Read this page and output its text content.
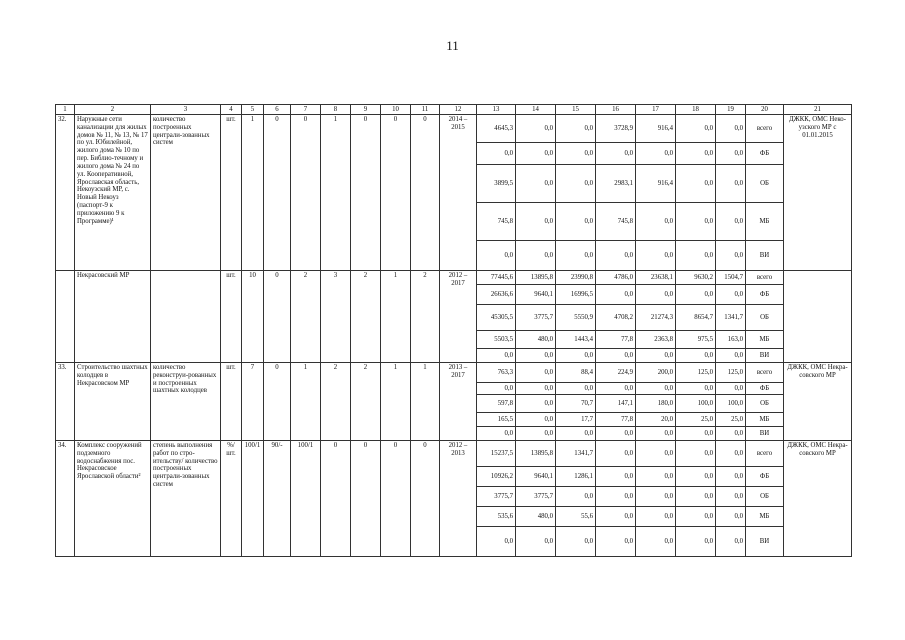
11
1	2	3	4	5	6	7	8	9	10	11	12	13	14	15	16	17	18	19	20	21
32.	Наружные сети канализации для жилых домов № 11, № 13, № 17 по ул. Юбилейной, жилого дома № 10 по пер. Библио-течному и жилого дома № 24 по ул. Кооперативной, Ярославская область, Некоузский МР, с. Новый Некоуз (паспорт-9 к приложению 9 к Программе)¹	количество построенных централи-зованных систем	шт.	1	0	0	1	0	0	0	2014 – 2015	4645,3	0,0	0,0	3728,9	916,4	0,0	0,0	всего	ДЖКК, ОМС Неко-узского МР с 01.01.2015
												0,0	0,0	0,0	0,0	0,0	0,0	0,0	ФБ	
												3899,5	0,0	0,0	2983,1	916,4	0,0	0,0	ОБ	
												745,8	0,0	0,0	745,8	0,0	0,0	0,0	МБ	
												0,0	0,0	0,0	0,0	0,0	0,0	0,0	ВИ	
	Некрасовский МР		шт.	10	0	2	3	2	1	2	2012 – 2017	77445,6	13895,8	23990,8	4786,0	23638,1	9630,2	1504,7	всего	
												26636,6	9640,1	16996,5	0,0	0,0	0,0	0,0	ФБ	
												45305,5	3775,7	5550,9	4708,2	21274,3	8654,7	1341,7	ОБ	
												5503,5	480,0	1443,4	77,8	2363,8	975,5	163,0	МБ	
												0,0	0,0	0,0	0,0	0,0	0,0	0,0	ВИ	
33.	Строительство шахтных колодцев в Некрасовском МР	количество реконструи-рованных и построенных шахтных колодцев	шт.	7	0	1	2	2	1	1	2013 – 2017	763,3	0,0	88,4	224,9	200,0	125,0	125,0	всего	ДЖКК, ОМС Некра-совского МР
												0,0	0,0	0,0	0,0	0,0	0,0	0,0	ФБ	
												597,8	0,0	70,7	147,1	180,0	100,0	100,0	ОБ	
												165,5	0,0	17,7	77,8	20,0	25,0	25,0	МБ	
												0,0	0,0	0,0	0,0	0,0	0,0	0,0	ВИ	
34.	Комплекс сооружений подземного водоснабжения пос. Некрасовское Ярославской области²	степень выполнения работ по стро-ительству/ количество построенных централи-зованных систем	%/ шт.	100/1	90/-	100/1	0	0	0	0	2012 – 2013	15237,5	13895,8	1341,7	0,0	0,0	0,0	0,0	всего	ДЖКК, ОМС Некра-совского МР
												10926,2	9640,1	1286,1	0,0	0,0	0,0	0,0	ФБ	
												3775,7	3775,7	0,0	0,0	0,0	0,0	0,0	ОБ	
												535,6	480,0	55,6	0,0	0,0	0,0	0,0	МБ	
												0,0	0,0	0,0	0,0	0,0	0,0	0,0	ВИ	
